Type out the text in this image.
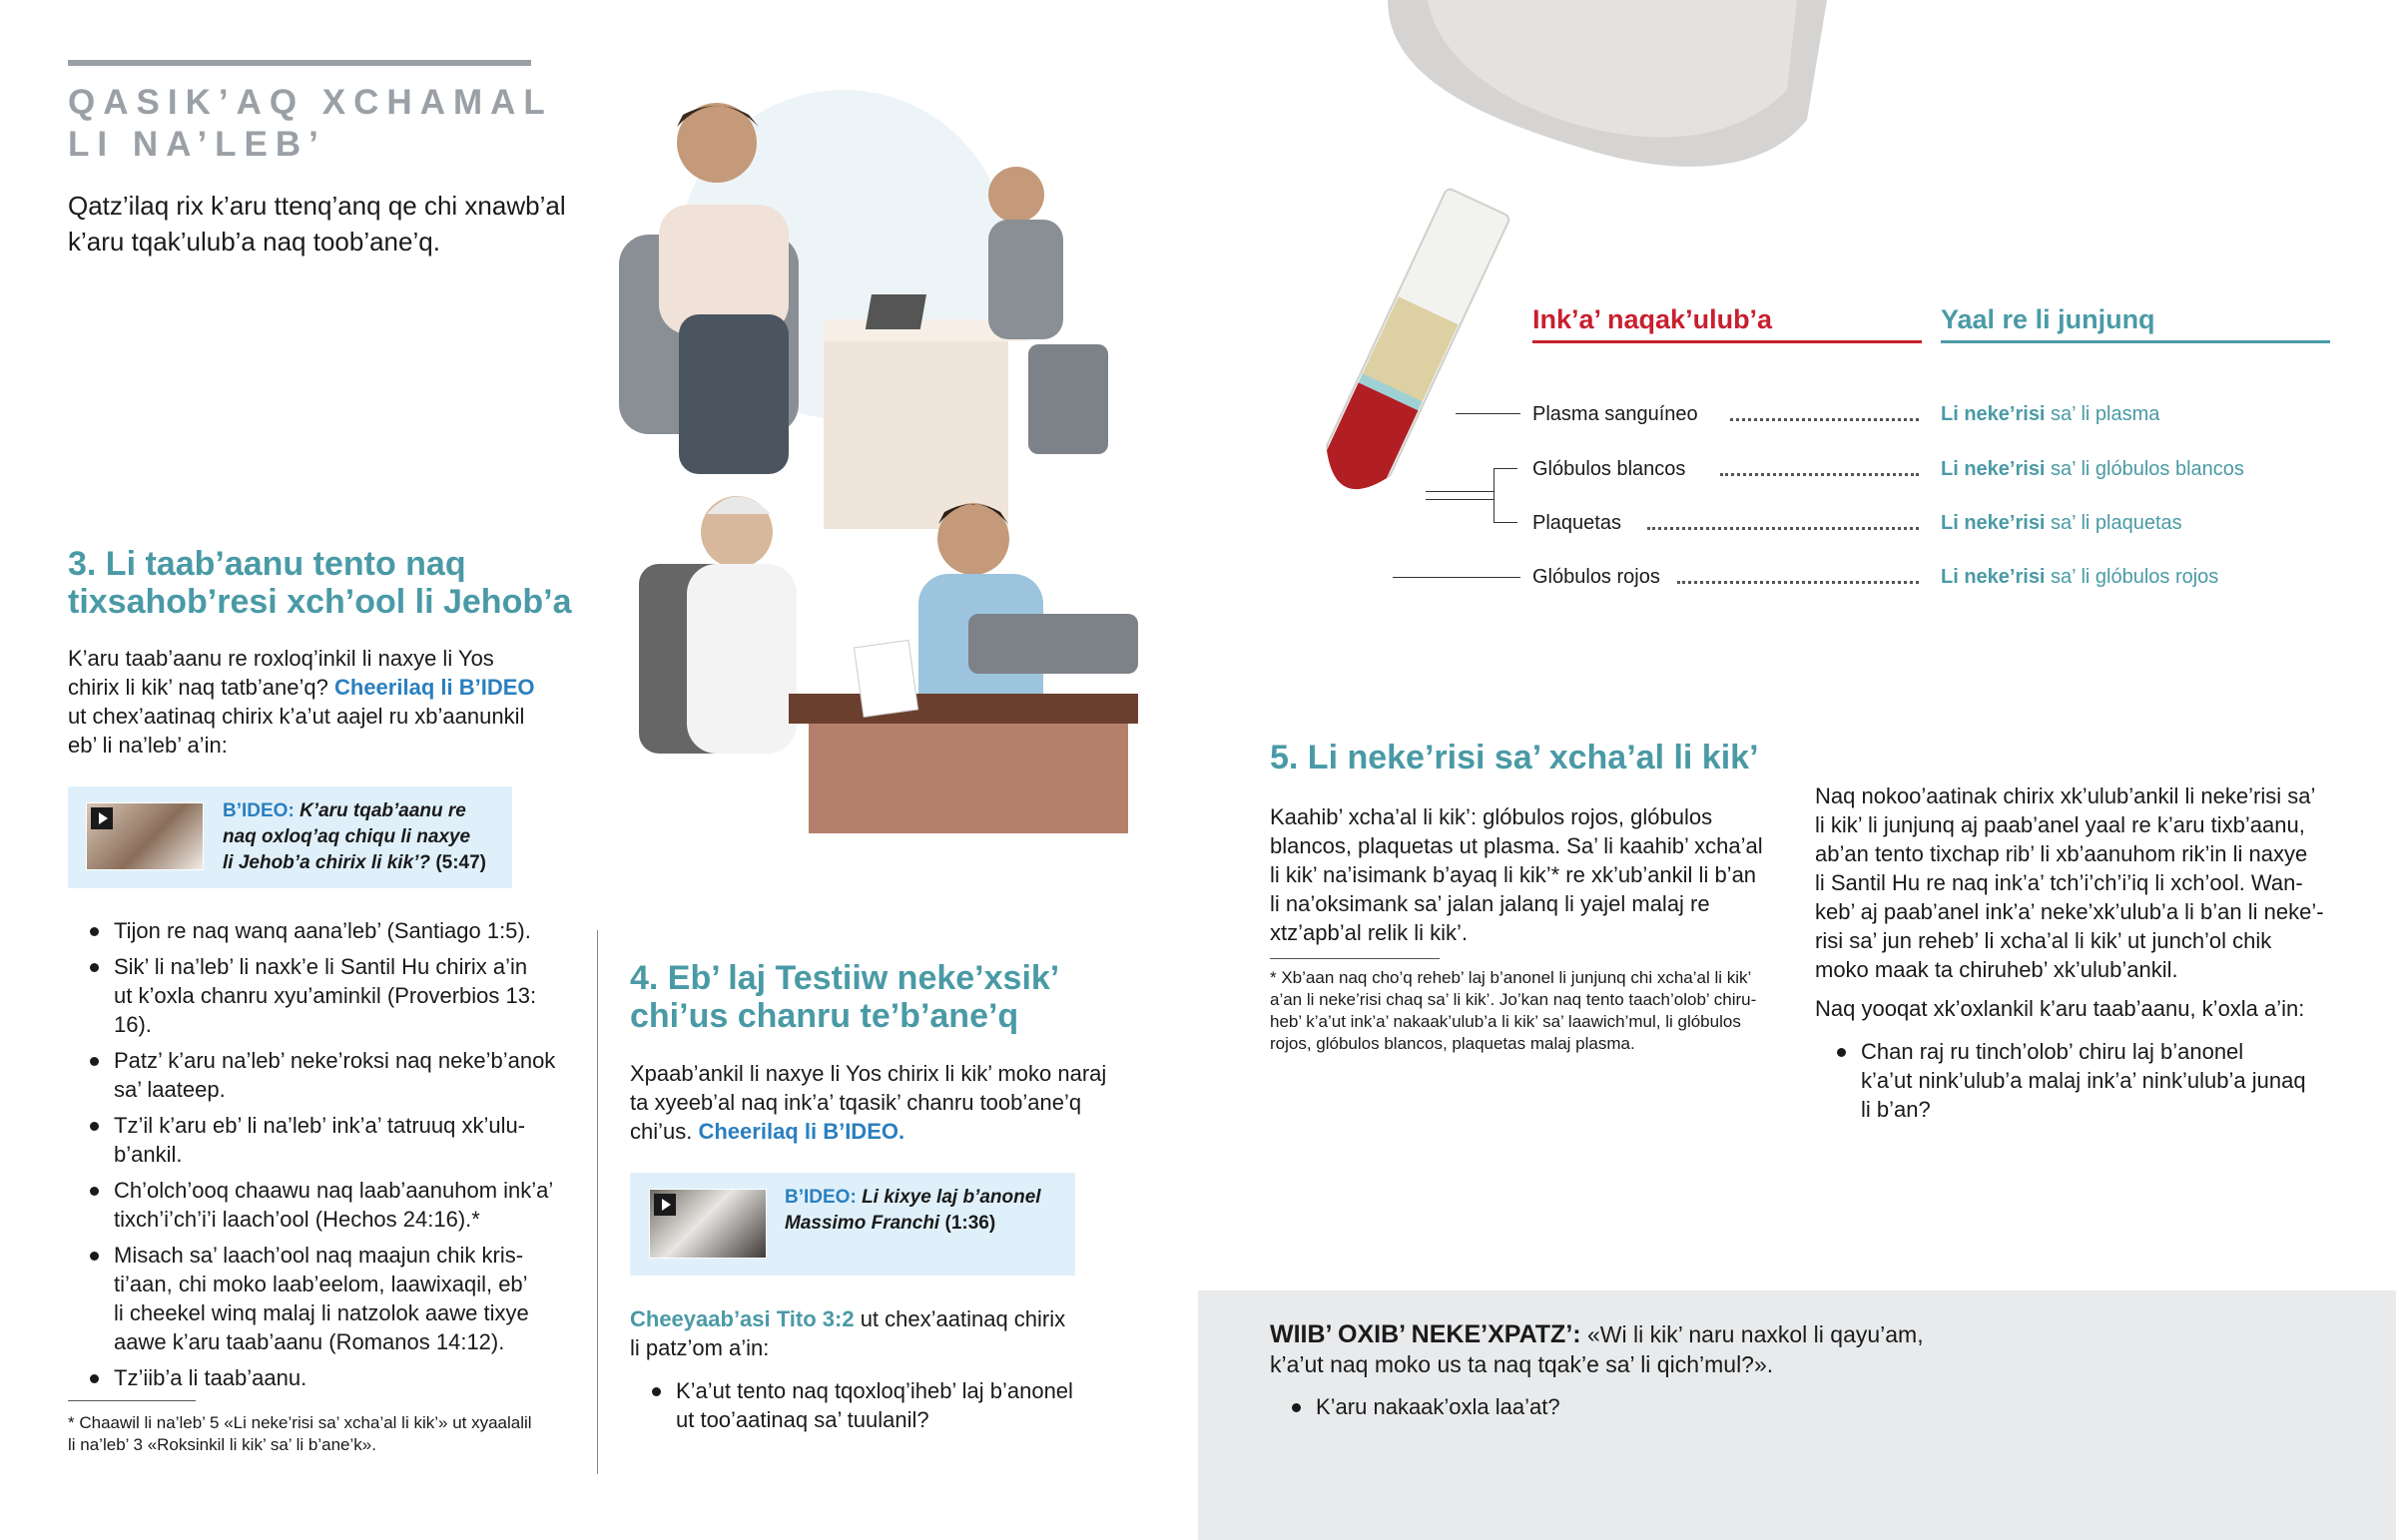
QASIK’AQ XCHAMAL
LI NA’LEB’
Qatz’ilaq rix k’aru ttenq’anq qe chi xnawb’al
k’aru tqak’ulub’a naq toob’ane’q.
3. Li taab’aanu tento naq
tixsahob’resi xch’ool li Jehob’a
K’aru taab’aanu re roxloq’inkil li naxye li Yos
chirix li kik’ naq tatb’ane’q? Cheerilaq li B’IDEO
ut chex’aatinaq chirix k’a’ut aajel ru xb’aanunkil
eb’ li na’leb’ a’in:
B’IDEO: K’aru tqab’aanu re
naq oxloq’aq chiqu li naxye
li Jehob’a chirix li kik’? (5:47)
Tijon re naq wanq aana’leb’ (Santiago 1:5).
Sik’ li na’leb’ li naxk’e li Santil Hu chirix a’in
ut k’oxla chanru xyu’aminkil (Proverbios 13:
16).
Patz’ k’aru na’leb’ neke’roksi naq neke’b’anok
sa’ laateep.
Tz’il k’aru eb’ li na’leb’ ink’a’ tatruuq xk’ulu-
b’ankil.
Ch’olch’ooq chaawu naq laab’aanuhom ink’a’
tixch’i’ch’i’i laach’ool (Hechos 24:16).*
Misach sa’ laach’ool naq maajun chik kris-
ti’aan, chi moko laab’eelom, laawixaqil, eb’
li cheekel winq malaj li natzolok aawe tixye
aawe k’aru taab’aanu (Romanos 14:12).
Tz’iib’a li taab’aanu.
* Chaawil li na’leb’ 5 «Li neke’risi sa’ xcha’al li kik’» ut xyaalalil
li na’leb’ 3 «Roksinkil li kik’ sa’ li b’ane’k».
4. Eb’ laj Testiiw neke’xsik’
chi’us chanru te’b’ane’q
Xpaab’ankil li naxye li Yos chirix li kik’ moko naraj
ta xyeeb’al naq ink’a’ tqasik’ chanru toob’ane’q
chi’us. Cheerilaq li B’IDEO.
B’IDEO: Li kixye laj b’anonel
Massimo Franchi (1:36)
Cheeyaab’asi Tito 3:2 ut chex’aatinaq chirix
li patz’om a’in:
K’a’ut tento naq tqoxloq’iheb’ laj b’anonel
ut too’aatinaq sa’ tuulanil?
Ink’a’ naqak’ulub’a	Yaal re li junjunq
Plasma sanguíneo	Li neke’risi sa’ li plasma
Glóbulos blancos	Li neke’risi sa’ li glóbulos blancos
Plaquetas	Li neke’risi sa’ li plaquetas
Glóbulos rojos	Li neke’risi sa’ li glóbulos rojos
5. Li neke’risi sa’ xcha’al li kik’
Kaahib’ xcha’al li kik’: glóbulos rojos, glóbulos
blancos, plaquetas ut plasma. Sa’ li kaahib’ xcha’al
li kik’ na’isimank b’ayaq li kik’* re xk’ub’ankil li b’an
li na’oksimank sa’ jalan jalanq li yajel malaj re
xtz’apb’al relik li kik’.
* Xb’aan naq cho’q reheb’ laj b’anonel li junjunq chi xcha’al li kik’
a’an li neke’risi chaq sa’ li kik’. Jo’kan naq tento taach’olob’ chiru-
heb’ k’a’ut ink’a’ nakaak’ulub’a li kik’ sa’ laawich’mul, li glóbulos
rojos, glóbulos blancos, plaquetas malaj plasma.
Naq nokoo’aatinak chirix xk’ulub’ankil li neke’risi sa’
li kik’ li junjunq aj paab’anel yaal re k’aru tixb’aanu,
ab’an tento tixchap rib’ li xb’aanuhom rik’in li naxye
li Santil Hu re naq ink’a’ tch’i’ch’i’iq li xch’ool. Wan-
keb’ aj paab’anel ink’a’ neke’xk’ulub’a li b’an li neke’-
risi sa’ jun reheb’ li xcha’al li kik’ ut junch’ol chik
moko maak ta chiruheb’ xk’ulub’ankil.
Naq yooqat xk’oxlankil k’aru taab’aanu, k’oxla a’in:
Chan raj ru tinch’olob’ chiru laj b’anonel
k’a’ut nink’ulub’a malaj ink’a’ nink’ulub’a junaq
li b’an?
WIIB’ OXIB’ NEKE’XPATZ’: «Wi li kik’ naru naxkol li qayu’am,
k’a’ut naq moko us ta naq tqak’e sa’ li qich’mul?».
K’aru nakaak’oxla laa’at?
